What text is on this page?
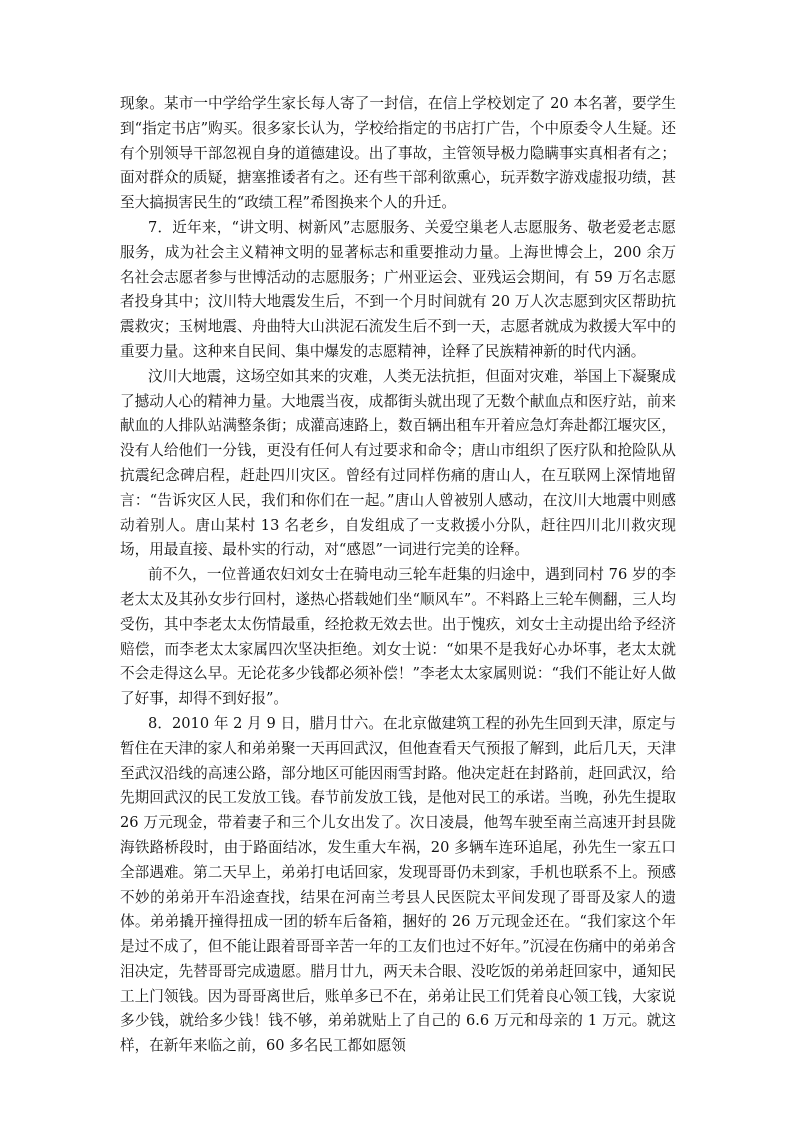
现象。某市一中学给学生家长每人寄了一封信，在信上学校划定了 20 本名著，要学生到“指定书店”购买。很多家长认为，学校给指定的书店打广告，个中原委令人生疑。还有个别领导干部忽视自身的道德建设。出了事故，主管领导极力隐瞒事实真相者有之；面对群众的质疑，搪塞推诿者有之。还有些干部利欲熏心，玩弄数字游戏虚报功绩，甚至大搞损害民生的“政绩工程”希图换来个人的升迁。

7．近年来，“讲文明、树新风”志愿服务、关爱空巢老人志愿服务、敬老爱老志愿服务，成为社会主义精神文明的显著标志和重要推动力量。上海世博会上，200 余万名社会志愿者参与世博活动的志愿服务；广州亚运会、亚残运会期间，有 59 万名志愿者投身其中；汶川特大地震发生后，不到一个月时间就有 20 万人次志愿到灾区帮助抗震救灾；玉树地震、舟曲特大山洪泥石流发生后不到一天，志愿者就成为救援大军中的重要力量。这种来自民间、集中爆发的志愿精神，诠释了民族精神新的时代内涵。

汶川大地震，这场空如其来的灾难，人类无法抗拒，但面对灾难，举国上下凝聚成了撼动人心的精神力量。大地震当夜，成都街头就出现了无数个献血点和医疗站，前来献血的人排队站满整条街；成灌高速路上，数百辆出租车开着应急灯奔赴都江堰灾区，没有人给他们一分钱，更没有任何人有过要求和命令；唐山市组织了医疗队和抢险队从抗震纪念碑启程，赶赴四川灾区。曾经有过同样伤痛的唐山人，在互联网上深情地留言：“告诉灾区人民，我们和你们在一起。”唐山人曾被别人感动，在汶川大地震中则感动着别人。唐山某村 13 名老乡，自发组成了一支救援小分队，赶往四川北川救灾现场，用最直接、最朴实的行动，对“感恩”一词进行完美的诠释。

前不久，一位普通农妇刘女士在骑电动三轮车赶集的归途中，遇到同村 76 岁的李老太太及其孙女步行回村，遂热心搭载她们坐“顺风车”。不料路上三轮车侧翻，三人均受伤，其中李老太太伤情最重，经抢救无效去世。出于愧疚，刘女士主动提出给予经济赔偿，而李老太太家属四次坚决拒绝。刘女士说：“如果不是我好心办坏事，老太太就不会走得这么早。无论花多少钱都必须补偿！”李老太太家属则说：“我们不能让好人做了好事，却得不到好报”。

8．2010 年 2 月 9 日，腊月廿六。在北京做建筑工程的孙先生回到天津，原定与暂住在天津的家人和弟弟聚一天再回武汉，但他查看天气预报了解到，此后几天，天津至武汉沿线的高速公路，部分地区可能因雨雪封路。他决定赶在封路前，赶回武汉，给先期回武汉的民工发放工钱。春节前发放工钱，是他对民工的承诺。当晚，孙先生提取 26 万元现金，带着妻子和三个儿女出发了。次日凌晨，他驾车驶至南兰高速开封县陇海铁路桥段时，由于路面结冰，发生重大车祸，20 多辆车连环追尾，孙先生一家五口全部遇难。第二天早上，弟弟打电话回家，发现哥哥仍未到家，手机也联系不上。预感不妙的弟弟开车沿途查找，结果在河南兰考县人民医院太平间发现了哥哥及家人的遗体。弟弟撬开撞得扭成一团的轿车后备箱，捆好的 26 万元现金还在。“我们家这个年是过不成了，但不能让跟着哥哥辛苦一年的工友们也过不好年。”沉浸在伤痛中的弟弟含泪决定，先替哥哥完成遗愿。腊月廿九，两天未合眼、没吃饭的弟弟赶回家中，通知民工上门领钱。因为哥哥离世后，账单多已不在，弟弟让民工们凭着良心领工钱，大家说多少钱，就给多少钱！钱不够，弟弟就贴上了自己的 6.6 万元和母亲的 1 万元。就这样，在新年来临之前，60 多名民工都如愿领
